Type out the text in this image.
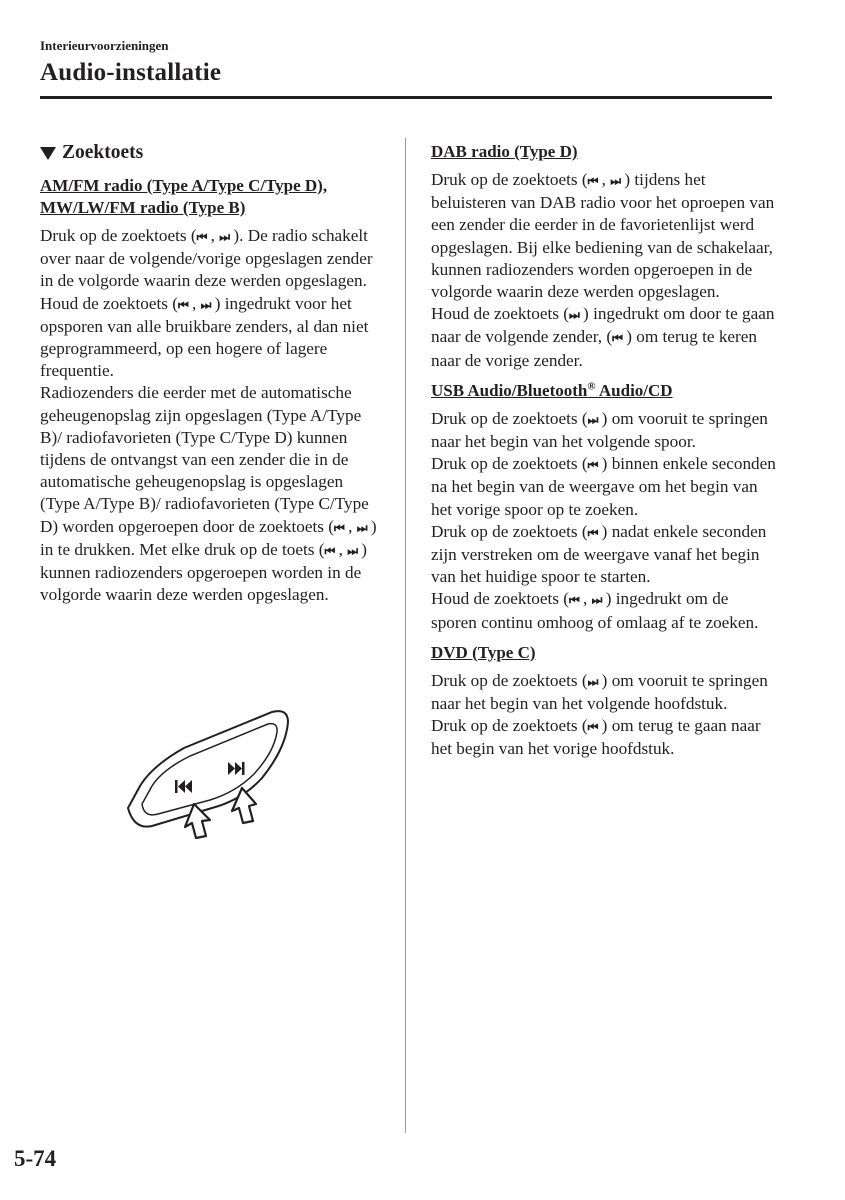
Interieurvoorzieningen
Audio-installatie
Zoektoets
AM/FM radio (Type A/Type C/Type D),
MW/LW/FM radio (Type B)

Druk op de zoektoets (⏮ , ⏭ ). De radio schakelt over naar de volgende/vorige opgeslagen zender in de volgorde waarin deze werden opgeslagen.

Houd de zoektoets (⏮ , ⏭ ) ingedrukt voor het opsporen van alle bruikbare zenders, al dan niet geprogrammeerd, op een hogere of lagere frequentie.

Radiozenders die eerder met de automatische geheugenopslag zijn opgeslagen (Type A/Type B)/ radiofavorieten (Type C/Type D) kunnen tijdens de ontvangst van een zender die in de automatische geheugenopslag is opgeslagen (Type A/Type B)/ radiofavorieten (Type C/Type D) worden opgeroepen door de zoektoets (⏮ , ⏭ ) in te drukken. Met elke druk op de toets (⏮ , ⏭ ) kunnen radiozenders opgeroepen worden in de volgorde waarin deze werden opgeslagen.

DAB radio (Type D)

Druk op de zoektoets (⏮ , ⏭ ) tijdens het beluisteren van DAB radio voor het oproepen van een zender die eerder in de favorietenlijst werd opgeslagen. Bij elke bediening van de schakelaar, kunnen radiozenders worden opgeroepen in de volgorde waarin deze werden opgeslagen.

Houd de zoektoets (⏭ ) ingedrukt om door te gaan naar de volgende zender, (⏮ ) om terug te keren naar de vorige zender.

USB Audio/Bluetooth® Audio/CD

Druk op de zoektoets (⏭ ) om vooruit te springen naar het begin van het volgende spoor.

Druk op de zoektoets (⏮ ) binnen enkele seconden na het begin van de weergave om het begin van het vorige spoor op te zoeken.

Druk op de zoektoets (⏮ ) nadat enkele seconden zijn verstreken om de weergave vanaf het begin van het huidige spoor te starten.

Houd de zoektoets (⏮ , ⏭ ) ingedrukt om de sporen continu omhoog of omlaag af te zoeken.

DVD (Type C)

Druk op de zoektoets (⏭ ) om vooruit te springen naar het begin van het volgende hoofdstuk.

Druk op de zoektoets (⏮ ) om terug te gaan naar het begin van het vorige hoofdstuk.

5-74
